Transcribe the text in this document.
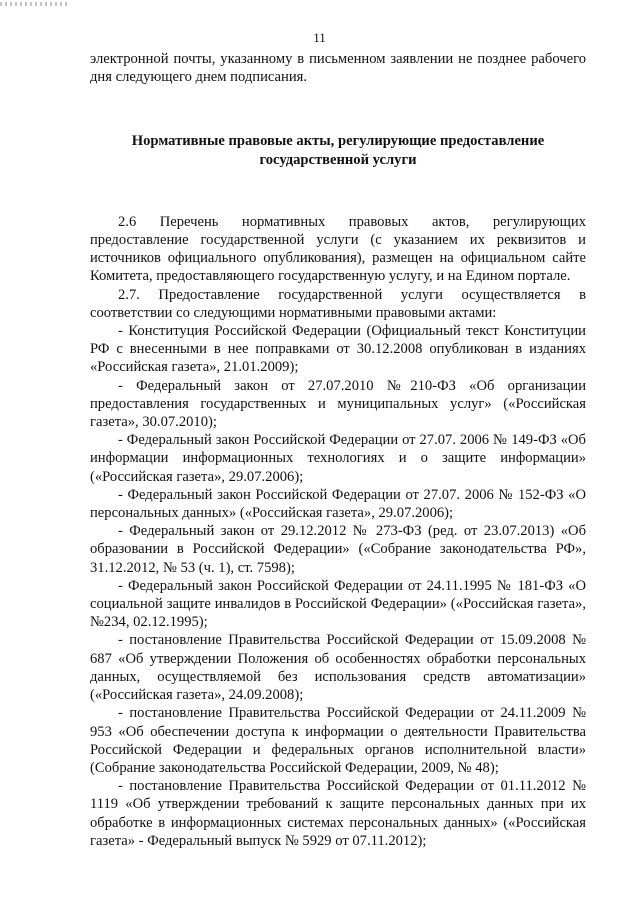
11

электронной почты, указанному в письменном заявлении не позднее рабочего дня следующего днем подписания.

Нормативные правовые акты, регулирующие предоставление государственной услуги

2.6 Перечень нормативных правовых актов, регулирующих предоставление государственной услуги (с указанием их реквизитов и источников официального опубликования), размещен на официальном сайте Комитета, предоставляющего государственную услугу, и на Едином портале.

2.7. Предоставление государственной услуги осуществляется в соответствии со следующими нормативными правовыми актами:

- Конституция Российской Федерации (Официальный текст Конституции РФ с внесенными в нее поправками от 30.12.2008 опубликован в изданиях «Российская газета», 21.01.2009);

- Федеральный закон от 27.07.2010 №210-ФЗ «Об организации предоставления государственных и муниципальных услуг» («Российская газета», 30.07.2010);

- Федеральный закон Российской Федерации от 27.07. 2006 № 149-ФЗ «Об информации информационных технологиях и о защите информации» («Российская газета», 29.07.2006);

- Федеральный закон Российской Федерации от 27.07. 2006 № 152-ФЗ «О персональных данных» («Российская газета», 29.07.2006);

- Федеральный закон от 29.12.2012 № 273-ФЗ (ред. от 23.07.2013) «Об образовании в Российской Федерации» («Собрание законодательства РФ», 31.12.2012, № 53 (ч. 1), ст. 7598);

- Федеральный закон Российской Федерации от 24.11.1995 № 181-ФЗ «О социальной защите инвалидов в Российской Федерации» («Российская газета», №234, 02.12.1995);

- постановление Правительства Российской Федерации от 15.09.2008 № 687 «Об утверждении Положения об особенностях обработки персональных данных, осуществляемой без использования средств автоматизации» («Российская газета», 24.09.2008);

- постановление Правительства Российской Федерации от 24.11.2009 № 953 «Об обеспечении доступа к информации о деятельности Правительства Российской Федерации и федеральных органов исполнительной власти» (Собрание законодательства Российской Федерации, 2009, № 48);

- постановление Правительства Российской Федерации от 01.11.2012 № 1119 «Об утверждении требований к защите персональных данных при их обработке в информационных системах персональных данных» («Российская газета» - Федеральный выпуск № 5929 от 07.11.2012);
